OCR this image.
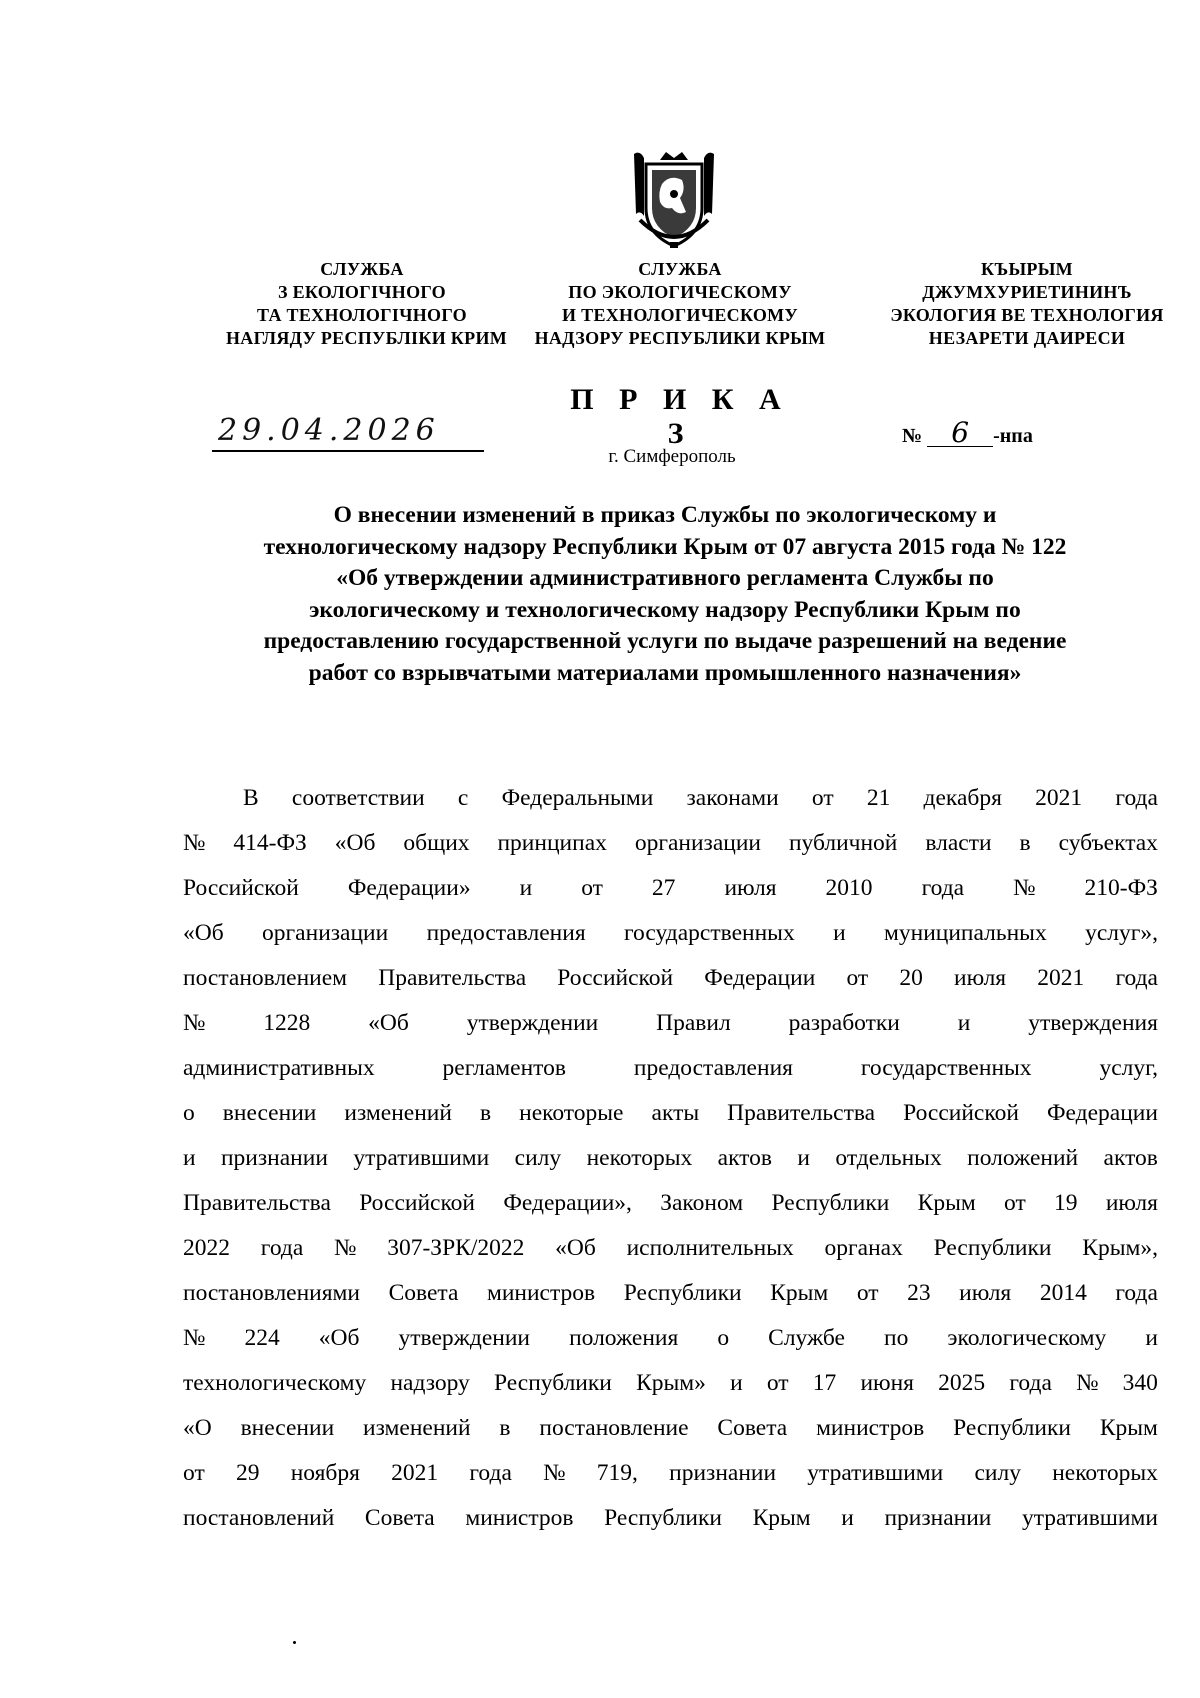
СЛУЖБА
З ЕКОЛОГІЧНОГО
ТА ТЕХНОЛОГІЧНОГО
НАГЛЯДУ РЕСПУБЛІКИ КРИМ
СЛУЖБА
ПО ЭКОЛОГИЧЕСКОМУ
И ТЕХНОЛОГИЧЕСКОМУ
НАДЗОРУ РЕСПУБЛИКИ КРЫМ
КЪЫРЫМ
ДЖУМХУРИЕТИНИНЪ
ЭКОЛОГИЯ ВЕ ТЕХНОЛОГИЯ
НЕЗАРЕТИ ДАИРЕСИ
П Р И К А З
29.04.2026	№ 6 -нпа
г. Симферополь
О внесении изменений в приказ Службы по экологическому и
технологическому надзору Республики Крым от 07 августа 2015 года № 122
«Об утверждении административного регламента Службы по
экологическому и технологическому надзору Республики Крым по
предоставлению государственной услуги по выдаче разрешений на ведение
работ со взрывчатыми материалами промышленного назначения»
В соответствии с Федеральными законами от 21 декабря 2021 года
№ 414-ФЗ «Об общих принципах организации публичной власти в субъектах
Российской Федерации» и от 27 июля 2010 года № 210-ФЗ
«Об организации предоставления государственных и муниципальных услуг»,
постановлением Правительства Российской Федерации от 20 июля 2021 года
№ 1228 «Об утверждении Правил разработки и утверждения
административных	регламентов	предоставления	государственных	услуг,
о внесении изменений в некоторые акты Правительства Российской Федерации
и признании утратившими силу некоторых актов и отдельных положений актов
Правительства Российской Федерации», Законом Республики Крым от 19 июля
2022 года № 307-ЗРК/2022 «Об исполнительных органах Республики Крым»,
постановлениями Совета министров Республики Крым от 23 июля 2014 года
№ 224 «Об утверждении положения о Службе по экологическому и
технологическому надзору Республики Крым» и от 17 июня 2025 года № 340
«О внесении изменений в постановление Совета министров Республики Крым
от 29 ноября 2021 года № 719, признании утратившими силу некоторых
постановлений Совета министров Республики Крым и признании утратившими
